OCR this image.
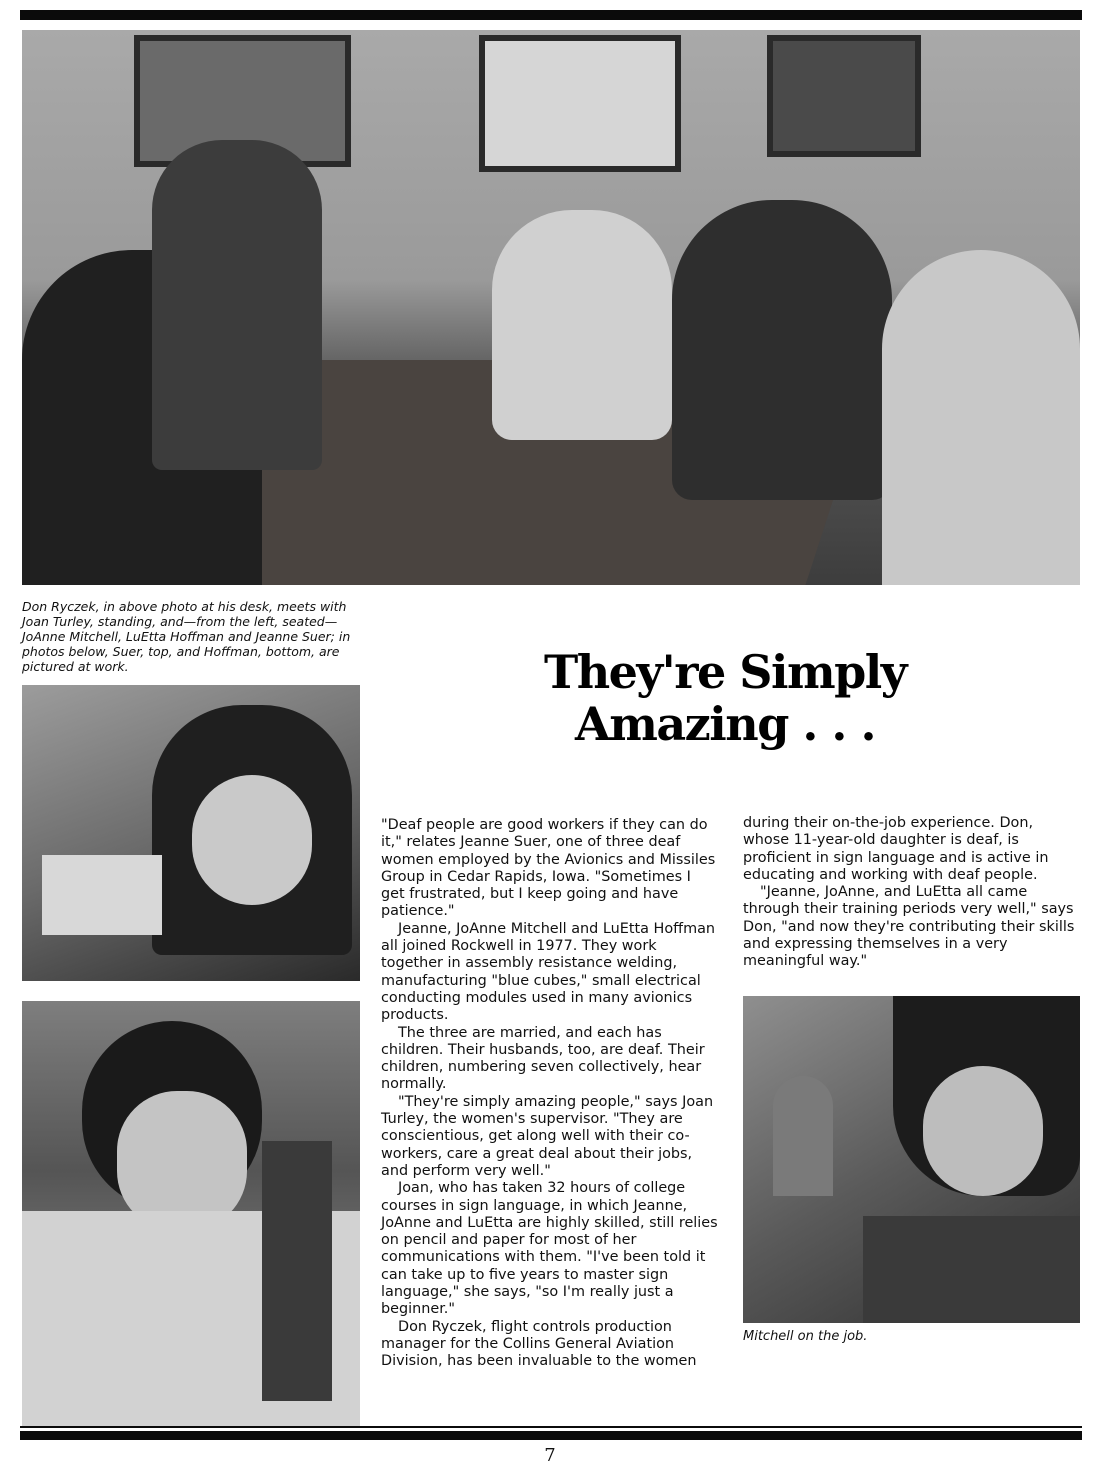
Don Ryczek, in above photo at his desk, meets with Joan Turley, standing, and—from the left, seated—JoAnne Mitchell, LuEtta Hoffman and Jeanne Suer; in photos below, Suer, top, and Hoffman, bottom, are pictured at work.	They're Simply
Amazing . . .

"Deaf people are good workers if they can do it," relates Jeanne Suer, one of three deaf women employed by the Avionics and Missiles Group in Cedar Rapids, Iowa. "Sometimes I get frustrated, but I keep going and have patience."

Jeanne, JoAnne Mitchell and LuEtta Hoffman all joined Rockwell in 1977. They work together in assembly resistance welding, manufacturing "blue cubes," small electrical conducting modules used in many avionics products.

The three are married, and each has children. Their husbands, too, are deaf. Their children, numbering seven collectively, hear normally.

"They're simply amazing people," says Joan Turley, the women's supervisor. "They are conscientious, get along well with their co-workers, care a great deal about their jobs, and perform very well."

Joan, who has taken 32 hours of college courses in sign language, in which Jeanne, JoAnne and LuEtta are highly skilled, still relies on pencil and paper for most of her communications with them. "I've been told it can take up to five years to master sign language," she says, "so I'm really just a beginner."

Don Ryczek, flight controls production manager for the Collins General Aviation Division, has been invaluable to the women

during their on-the-job experience. Don, whose 11-year-old daughter is deaf, is proficient in sign language and is active in educating and working with deaf people.

"Jeanne, JoAnne, and LuEtta all came through their training periods very well," says Don, "and now they're contributing their skills and expressing themselves in a very meaningful way."

Mitchell on the job.
7
